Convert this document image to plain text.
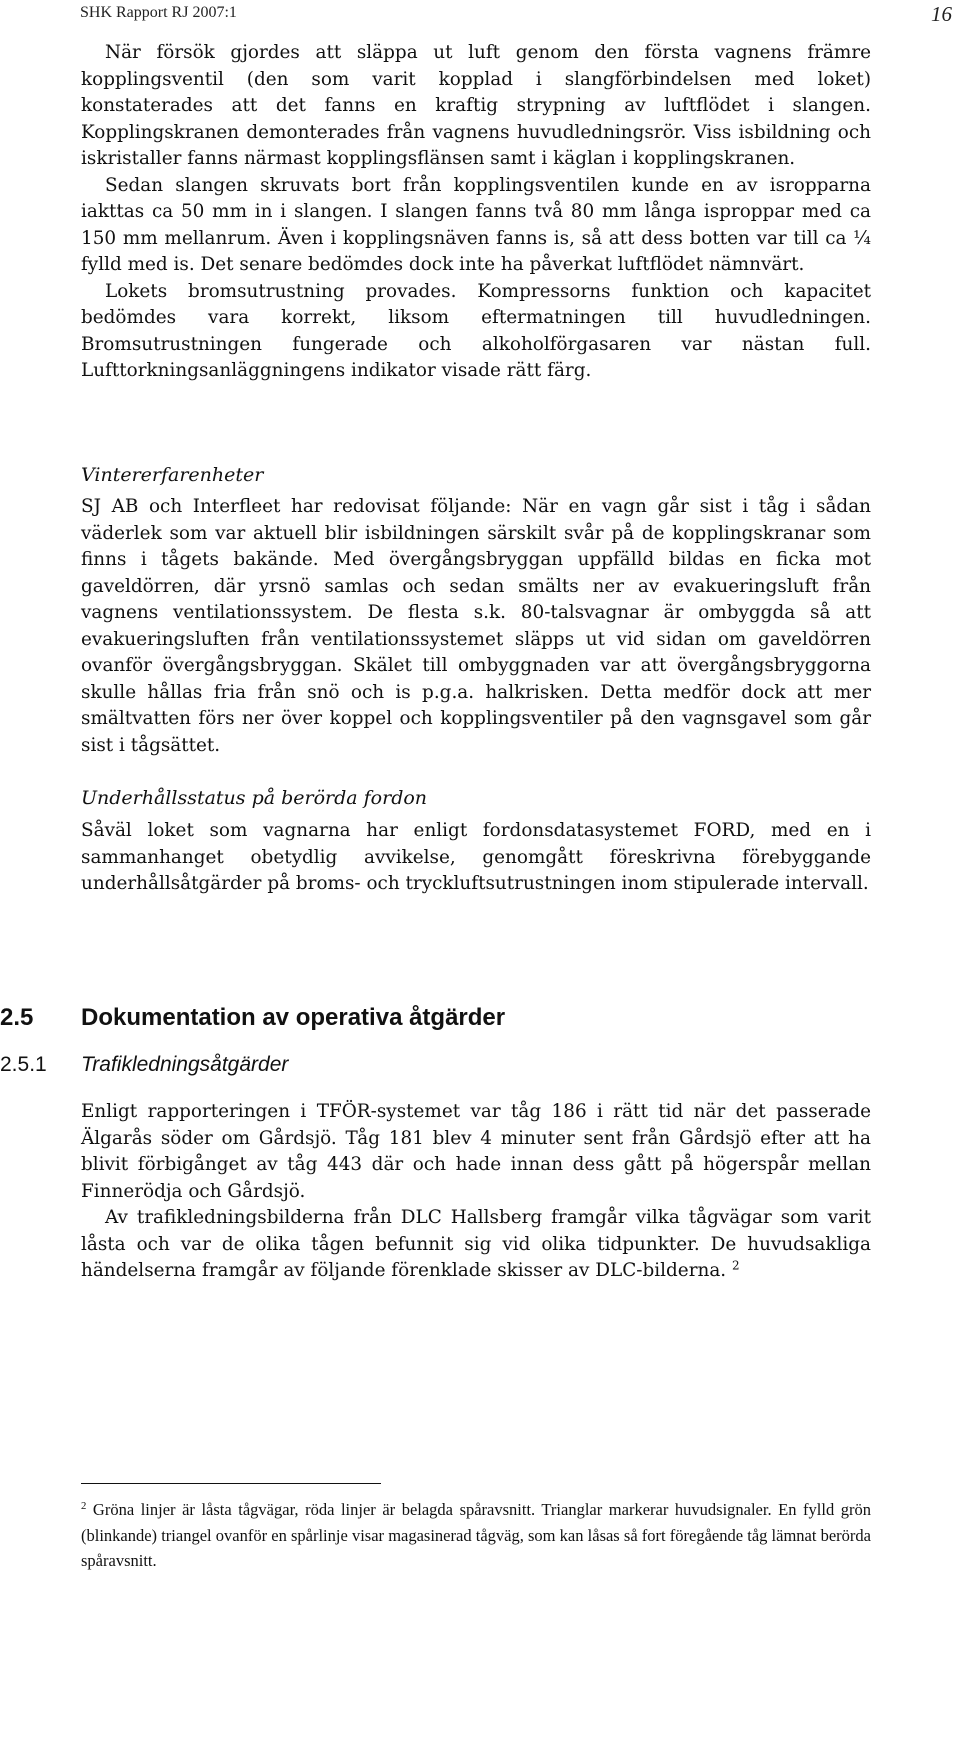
SHK Rapport RJ 2007:1	16

När försök gjordes att släppa ut luft genom den första vagnens främre kopplingsventil (den som varit kopplad i slangförbindelsen med loket) konstaterades att det fanns en kraftig strypning av luftflödet i slangen. Kopplingskranen demonterades från vagnens huvudledningsrör. Viss isbildning och iskristaller fanns närmast kopplingsflänsen samt i käglan i kopplingskranen.

Sedan slangen skruvats bort från kopplingsventilen kunde en av isropparna iakttas ca 50 mm in i slangen. I slangen fanns två 80 mm långa isproppar med ca 150 mm mellanrum. Även i kopplingsnäven fanns is, så att dess botten var till ca ¼ fylld med is. Det senare bedömdes dock inte ha påverkat luftflödet nämnvärt.

Lokets bromsutrustning provades. Kompressorns funktion och kapacitet bedömdes vara korrekt, liksom eftermatningen till huvudledningen. Bromsutrustningen fungerade och alkoholförgasaren var nästan full. Lufttorkningsanläggningens indikator visade rätt färg.

Vintererfarenheter

SJ AB och Interfleet har redovisat följande: När en vagn går sist i tåg i sådan väderlek som var aktuell blir isbildningen särskilt svår på de kopplingskranar som finns i tågets bakände. Med övergångsbryggan uppfälld bildas en ficka mot gaveldörren, där yrsnö samlas och sedan smälts ner av evakueringsluft från vagnens ventilationssystem. De flesta s.k. 80-talsvagnar är ombyggda så att evakueringsluften från ventilationssystemet släpps ut vid sidan om gaveldörren ovanför övergångsbryggan. Skälet till ombyggnaden var att övergångsbryggorna skulle hållas fria från snö och is p.g.a. halkrisken. Detta medför dock att mer smältvatten förs ner över koppel och kopplingsventiler på den vagnsgavel som går sist i tågsättet.

Underhållsstatus på berörda fordon

Såväl loket som vagnarna har enligt fordonsdatasystemet FORD, med en i sammanhanget obetydlig avvikelse, genomgått föreskrivna förebyggande underhållsåtgärder på broms- och tryckluftsutrustningen inom stipulerade intervall.

2.5 Dokumentation av operativa åtgärder
2.5.1 Trafikledningsåtgärder

Enligt rapporteringen i TFÖR-systemet var tåg 186 i rätt tid när det passerade Älgarås söder om Gårdsjö. Tåg 181 blev 4 minuter sent från Gårdsjö efter att ha blivit förbigånget av tåg 443 där och hade innan dess gått på högerspår mellan Finnerödja och Gårdsjö.

Av trafikledningsbilderna från DLC Hallsberg framgår vilka tågvägar som varit låsta och var de olika tågen befunnit sig vid olika tidpunkter. De huvudsakliga händelserna framgår av följande förenklade skisser av DLC-bilderna. $^2$

$^2$ Gröna linjer är låsta tågvägar, röda linjer är belagda spåravsnitt. Trianglar markerar huvudsignaler. En fylld grön (blinkande) triangel ovanför en spårlinje visar magasinerad tågväg, som kan låsas så fort föregående tåg lämnat berörda spåravsnitt.
